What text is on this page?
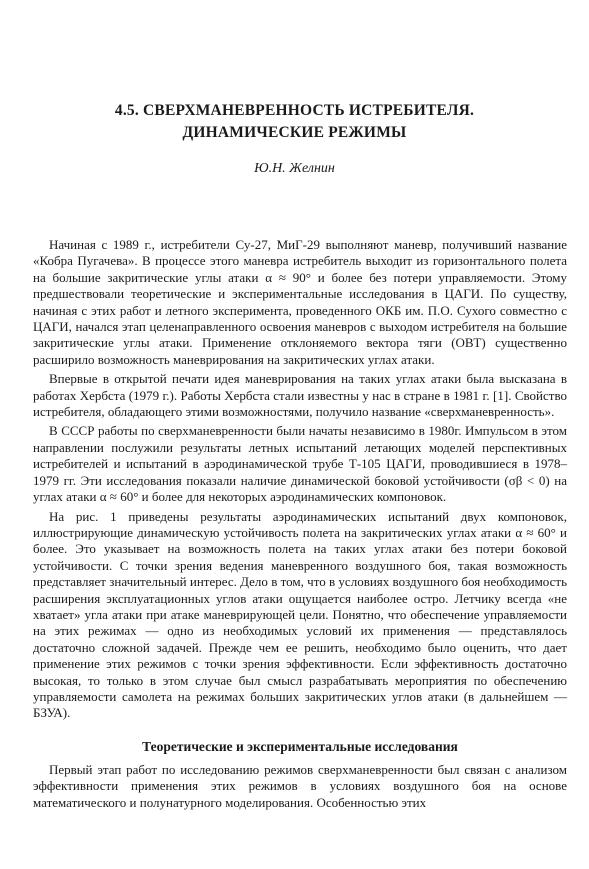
4.5. СВЕРХМАНЕВРЕННОСТЬ ИСТРЕБИТЕЛЯ.

ДИНАМИЧЕСКИЕ РЕЖИМЫ

Ю.Н. Желнин

Начиная с 1989 г., истребители Су-27, МиГ-29 выполняют маневр, получивший название «Кобра Пугачева». В процессе этого маневра истребитель выходит из горизонтального полета на большие закритические углы атаки α ≈ 90° и более без потери управляемости. Этому предшествовали теоретические и экспериментальные исследования в ЦАГИ. По существу, начиная с этих работ и летного эксперимента, проведенного ОКБ им. П.О. Сухого совместно с ЦАГИ, начался этап целенаправленного освоения маневров с выходом истребителя на большие закритические углы атаки. Применение отклоняемого вектора тяги (ОВТ) существенно расширило возможность маневрирования на закритических углах атаки.

Впервые в открытой печати идея маневрирования на таких углах атаки была высказана в работах Хербста (1979 г.). Работы Хербста стали известны у нас в стране в 1981 г. [1]. Свойство истребителя, обладающего этими возможностями, получило название «сверхманевренность».

В СССР работы по сверхманевренности были начаты независимо в 1980г. Импульсом в этом направлении послужили результаты летных испытаний летающих моделей перспективных истребителей и испытаний в аэродинамической трубе Т-105 ЦАГИ, проводившиеся в 1978–1979 гг. Эти исследования показали наличие динамической боковой устойчивости (σβ < 0) на углах атаки α ≈ 60° и более для некоторых аэродинамических компоновок.

На рис. 1 приведены результаты аэродинамических испытаний двух компоновок, иллюстрирующие динамическую устойчивость полета на закритических углах атаки α ≈ 60° и более. Это указывает на возможность полета на таких углах атаки без потери боковой устойчивости. С точки зрения ведения маневренного воздушного боя, такая возможность представляет значительный интерес. Дело в том, что в условиях воздушного боя необходимость расширения эксплуатационных углов атаки ощущается наиболее остро. Летчику всегда «не хватает» угла атаки при атаке маневрирующей цели. Понятно, что обеспечение управляемости на этих режимах — одно из необходимых условий их применения — представлялось достаточно сложной задачей. Прежде чем ее решить, необходимо было оценить, что дает применение этих режимов с точки зрения эффективности. Если эффективность достаточно высокая, то только в этом случае был смысл разрабатывать мероприятия по обеспечению управляемости самолета на режимах больших закритических углов атаки (в дальнейшем — БЗУА).

Теоретические и экспериментальные исследования

Первый этап работ по исследованию режимов сверхманевренности был связан с анализом эффективности применения этих режимов в условиях воздушного боя на основе математического и полунатурного моделирования. Особенностью этих
